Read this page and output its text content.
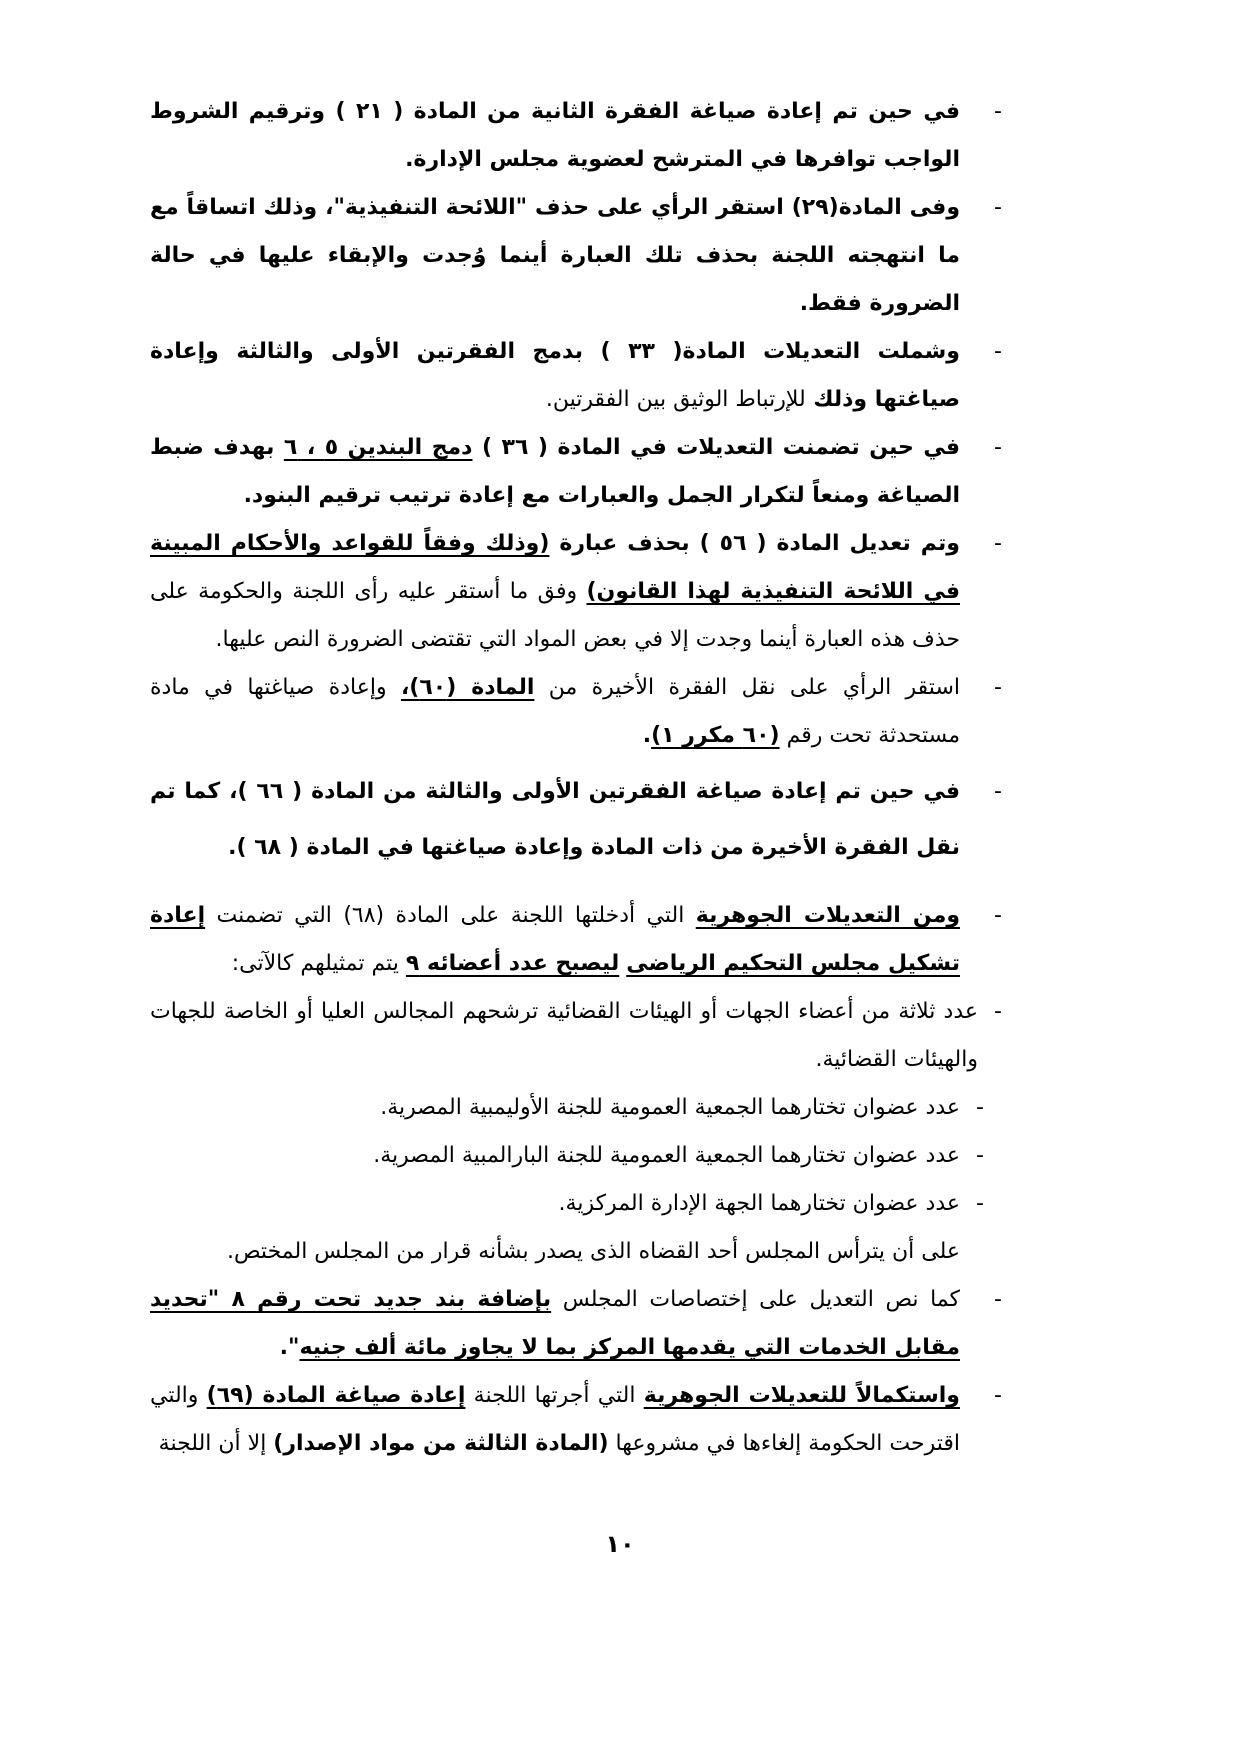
-
في حين تم إعادة صياغة الفقرة الثانية من المادة ( ٢١ ) وترقيم الشروط الواجب توافرها في المترشح لعضوية مجلس الإدارة.

-
وفى المادة(٢٩) استقر الرأي على حذف "اللائحة التنفيذية"، وذلك اتساقاً مع ما انتهجته اللجنة بحذف تلك العبارة أينما وُجدت والإبقاء عليها في حالة الضرورة فقط.

-
وشملت التعديلات المادة( ٣٣ ) بدمج الفقرتين الأولى والثالثة وإعادة صياغتها وذلك للإرتباط الوثيق بين الفقرتين.

-
في حين تضمنت التعديلات في المادة ( ٣٦ ) دمج البندين ٥ ، ٦ بهدف ضبط الصياغة ومنعاً لتكرار الجمل والعبارات مع إعادة ترتيب ترقيم البنود.

-
وتم تعديل المادة ( ٥٦ ) بحذف عبارة (وذلك وفقاً للقواعد والأحكام المبينة في اللائحة التنفيذية لهذا القانون) وفق ما أستقر عليه رأى اللجنة والحكومة على حذف هذه العبارة أينما وجدت إلا في بعض المواد التي تقتضى الضرورة النص عليها.

-
استقر الرأي على نقل الفقرة الأخيرة من المادة (٦٠)، وإعادة صياغتها في مادة مستحدثة تحت رقم (٦٠ مكرر ١).

-
في حين تم إعادة صياغة الفقرتين الأولى والثالثة من المادة ( ٦٦ )، كما تم نقل الفقرة الأخيرة من ذات المادة وإعادة صياغتها في المادة ( ٦٨ ).

-
ومن التعديلات الجوهرية التي أدخلتها اللجنة على المادة (٦٨) التي تضمنت إعادة تشكيل مجلس التحكيم الرياضى ليصبح عدد أعضائه ٩ يتم تمثيلهم كالآتى:

-
عدد ثلاثة من أعضاء الجهات أو الهيئات القضائية ترشحهم المجالس العليا أو الخاصة للجهات والهيئات القضائية.

-
عدد عضوان تختارهما الجمعية العمومية للجنة الأوليمبية المصرية.

-
عدد عضوان تختارهما الجمعية العمومية للجنة البارالمبية المصرية.

-
عدد عضوان تختارهما الجهة الإدارة المركزية.

على أن يترأس المجلس أحد القضاه الذى يصدر بشأنه قرار من المجلس المختص.

-
كما نص التعديل على إختصاصات المجلس بإضافة بند جديد تحت رقم ٨ "تحديد مقابل الخدمات التي يقدمها المركز بما لا يجاوز مائة ألف جنيه".

-
واستكمالاً للتعديلات الجوهرية التي أجرتها اللجنة إعادة صياغة المادة (٦٩) والتي اقترحت الحكومة إلغاءها في مشروعها (المادة الثالثة من مواد الإصدار) إلا أن اللجنة

١٠
